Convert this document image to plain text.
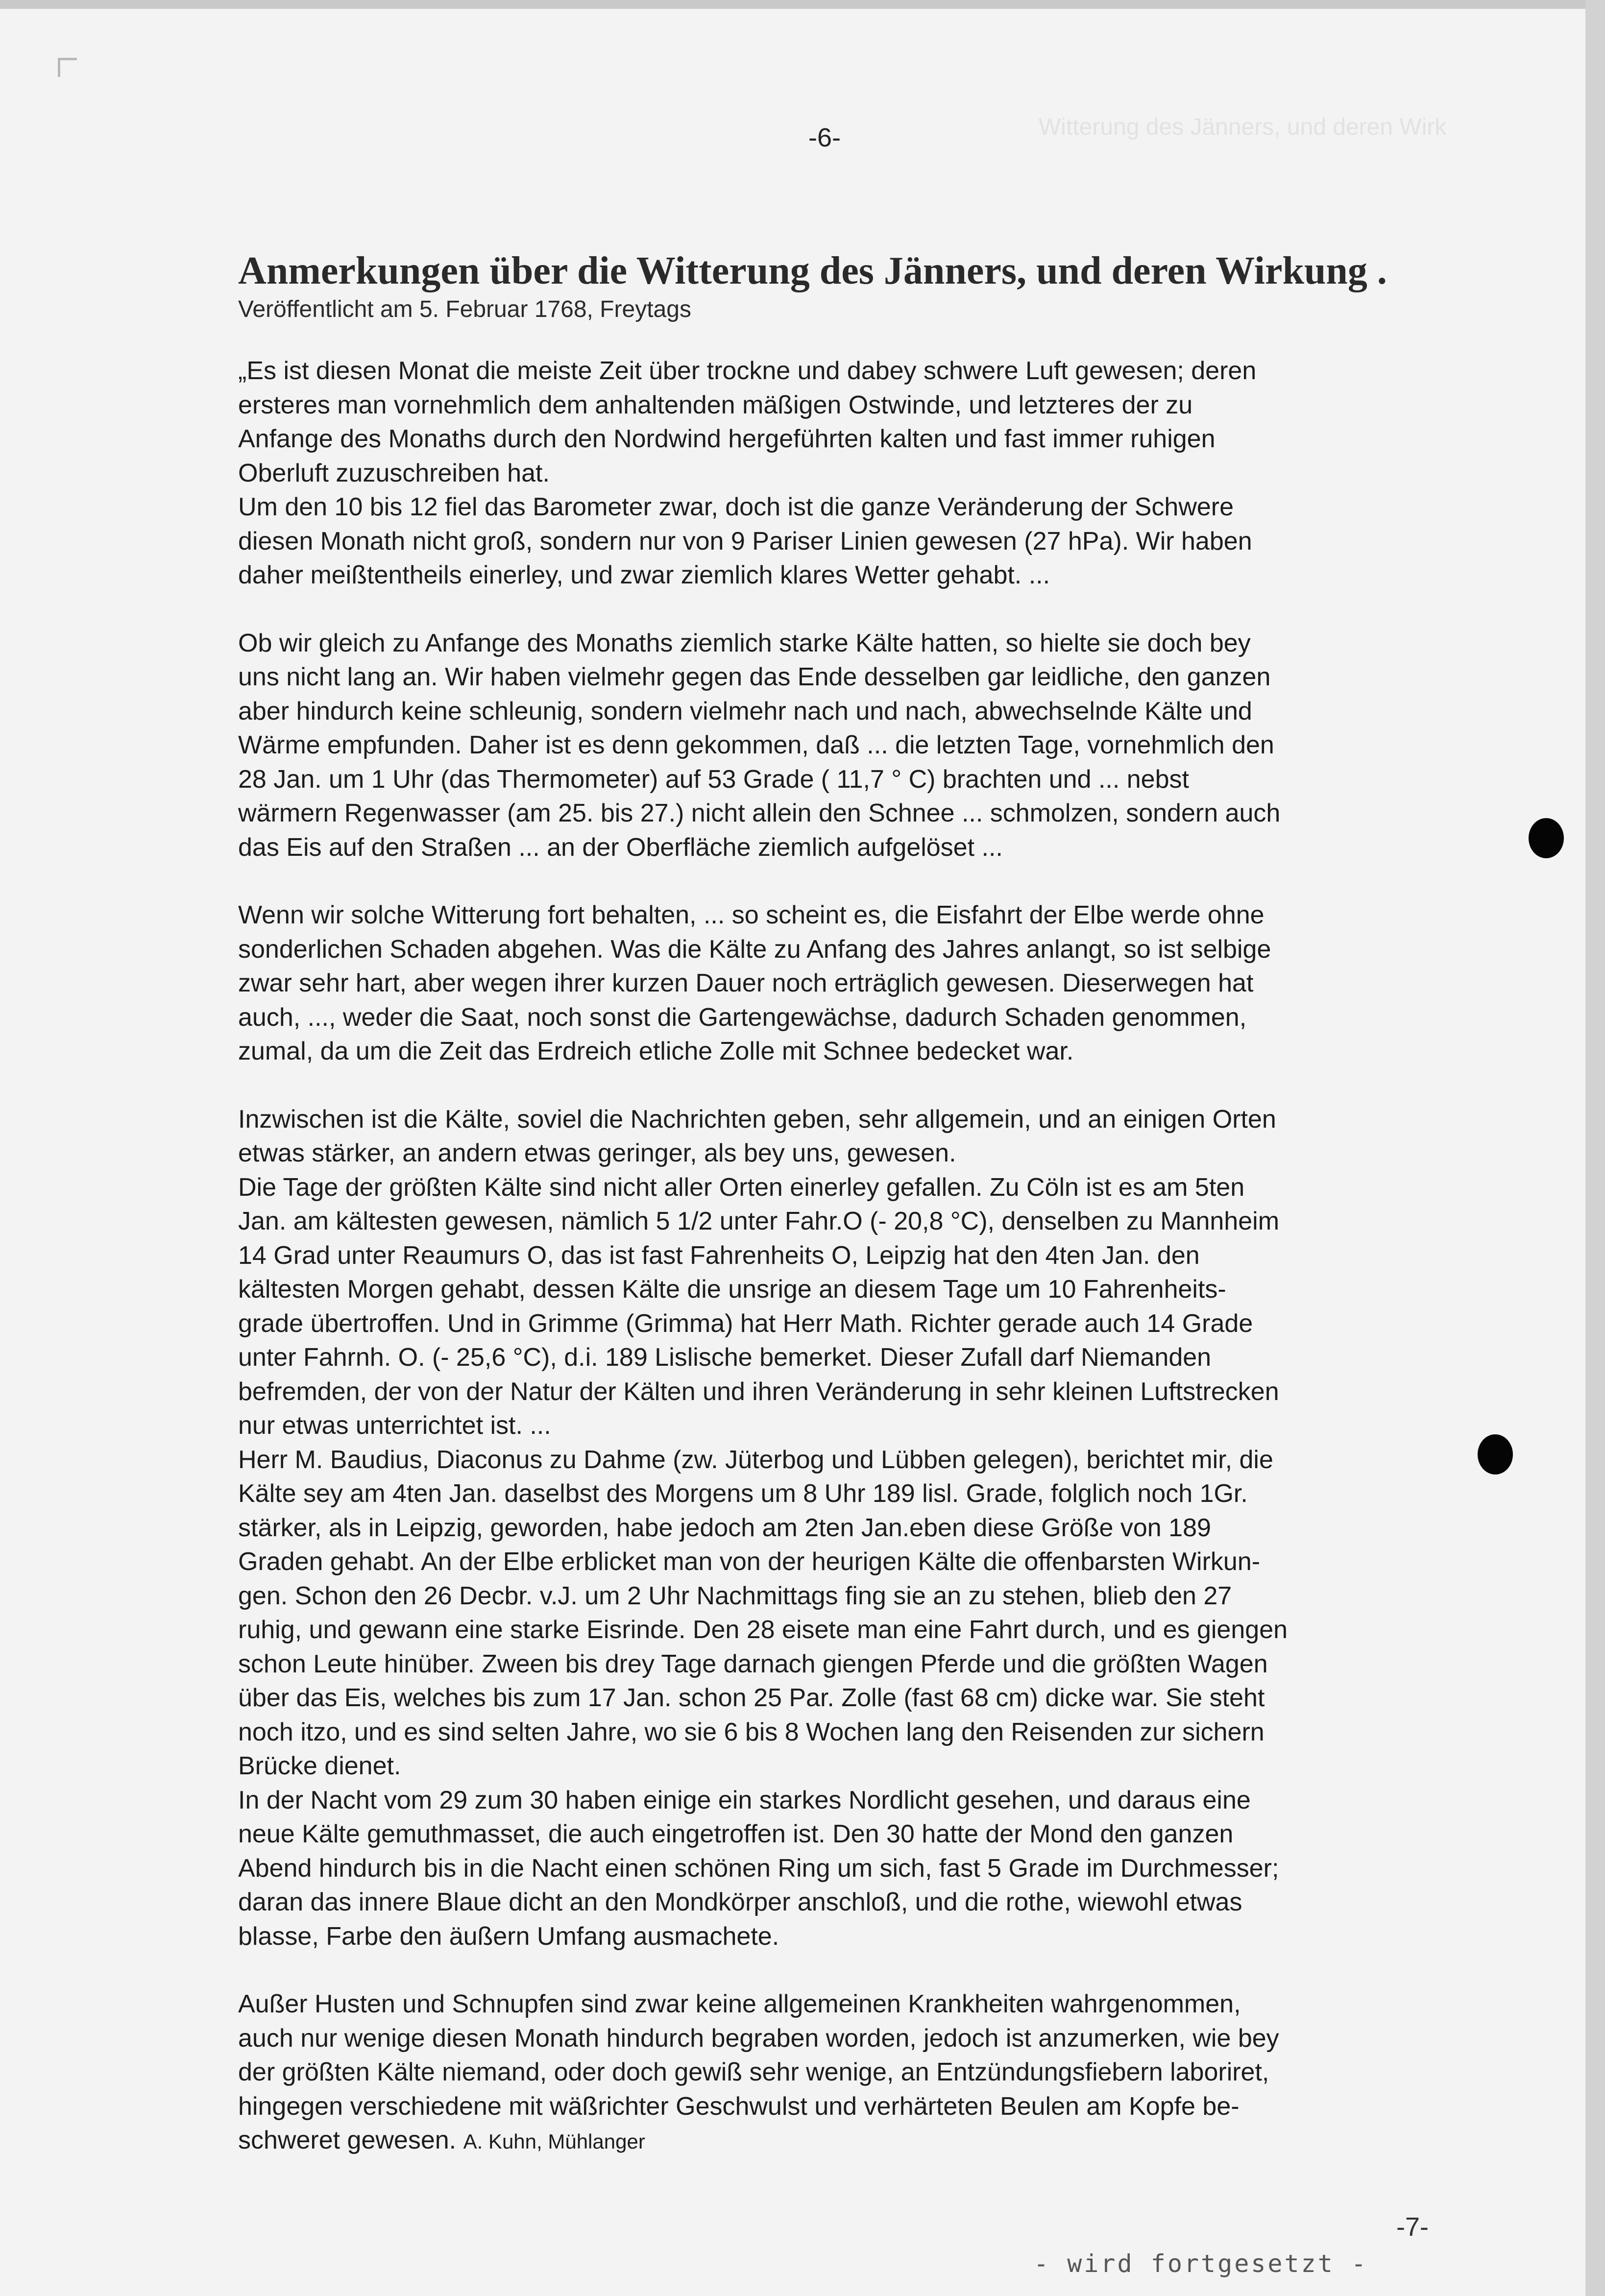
Witterung des Jänners, und deren Wirk
-6-
Anmerkungen über die Witterung des Jänners, und deren Wirkung .

Veröffentlicht am 5. Februar 1768, Freytags

„Es ist diesen Monat die meiste Zeit über trockne und dabey schwere Luft gewesen; deren
ersteres man vornehmlich dem anhaltenden mäßigen Ostwinde, und letzteres der zu
Anfange des Monaths durch den Nordwind hergeführten kalten und fast immer ruhigen
Oberluft zuzuschreiben hat.
Um den 10 bis 12 fiel das Barometer zwar, doch ist die ganze Veränderung der Schwere
diesen Monath nicht groß, sondern nur von 9 Pariser Linien gewesen (27 hPa). Wir haben
daher meißtentheils einerley, und zwar ziemlich klares Wetter gehabt. ...
Ob wir gleich zu Anfange des Monaths ziemlich starke Kälte hatten, so hielte sie doch bey
uns nicht lang an. Wir haben vielmehr gegen das Ende desselben gar leidliche, den ganzen
aber hindurch keine schleunig, sondern vielmehr nach und nach, abwechselnde Kälte und
Wärme empfunden. Daher ist es denn gekommen, daß ... die letzten Tage, vornehmlich den
28 Jan. um 1 Uhr (das Thermometer) auf 53 Grade ( 11,7 ° C) brachten und ... nebst
wärmern Regenwasser (am 25. bis 27.) nicht allein den Schnee ... schmolzen, sondern auch
das Eis auf den Straßen ... an der Oberfläche ziemlich aufgelöset ...
Wenn wir solche Witterung fort behalten, ... so scheint es, die Eisfahrt der Elbe werde ohne
sonderlichen Schaden abgehen. Was die Kälte zu Anfang des Jahres anlangt, so ist selbige
zwar sehr hart, aber wegen ihrer kurzen Dauer noch erträglich gewesen. Dieserwegen hat
auch, ..., weder die Saat, noch sonst die Gartengewächse, dadurch Schaden genommen,
zumal, da um die Zeit das Erdreich etliche Zolle mit Schnee bedecket war.
Inzwischen ist die Kälte, soviel die Nachrichten geben, sehr allgemein, und an einigen Orten
etwas stärker, an andern etwas geringer, als bey uns, gewesen.
Die Tage der größten Kälte sind nicht aller Orten einerley gefallen. Zu Cöln ist es am 5ten
Jan. am kältesten gewesen, nämlich 5 1/2 unter Fahr.O (- 20,8 °C), denselben zu Mannheim
14 Grad unter Reaumurs O, das ist fast Fahrenheits O, Leipzig hat den 4ten Jan. den
kältesten Morgen gehabt, dessen Kälte die unsrige an diesem Tage um 10 Fahrenheits-
grade übertroffen. Und in Grimme (Grimma) hat Herr Math. Richter gerade auch 14 Grade
unter Fahrnh. O. (- 25,6 °C), d.i. 189 Lislische bemerket. Dieser Zufall darf Niemanden
befremden, der von der Natur der Kälten und ihren Veränderung in sehr kleinen Luftstrecken
nur etwas unterrichtet ist. ...
Herr M. Baudius, Diaconus zu Dahme (zw. Jüterbog und Lübben gelegen), berichtet mir, die
Kälte sey am 4ten Jan. daselbst des Morgens um 8 Uhr 189 lisl. Grade, folglich noch 1Gr.
stärker, als in Leipzig, geworden, habe jedoch am 2ten Jan.eben diese Größe von 189
Graden gehabt. An der Elbe erblicket man von der heurigen Kälte die offenbarsten Wirkun-
gen. Schon den 26 Decbr. v.J. um 2 Uhr Nachmittags fing sie an zu stehen, blieb den 27
ruhig, und gewann eine starke Eisrinde. Den 28 eisete man eine Fahrt durch, und es giengen
schon Leute hinüber. Zween bis drey Tage darnach giengen Pferde und die größten Wagen
über das Eis, welches bis zum 17 Jan. schon 25 Par. Zolle (fast 68 cm) dicke war. Sie steht
noch itzo, und es sind selten Jahre, wo sie 6 bis 8 Wochen lang den Reisenden zur sichern
Brücke dienet.
In der Nacht vom 29 zum 30 haben einige ein starkes Nordlicht gesehen, und daraus eine
neue Kälte gemuthmasset, die auch eingetroffen ist. Den 30 hatte der Mond den ganzen
Abend hindurch bis in die Nacht einen schönen Ring um sich, fast 5 Grade im Durchmesser;
daran das innere Blaue dicht an den Mondkörper anschloß, und die rothe, wiewohl etwas
blasse, Farbe den äußern Umfang ausmachete.
Außer Husten und Schnupfen sind zwar keine allgemeinen Krankheiten wahrgenommen,
auch nur wenige diesen Monath hindurch begraben worden, jedoch ist anzumerken, wie bey
der größten Kälte niemand, oder doch gewiß sehr wenige, an Entzündungsfiebern laboriret,
hingegen verschiedene mit wäßrichter Geschwulst und verhärteten Beulen am Kopfe be-
schweret gewesen. A. Kuhn, Mühlanger
-7-
- wird fortgesetzt -
